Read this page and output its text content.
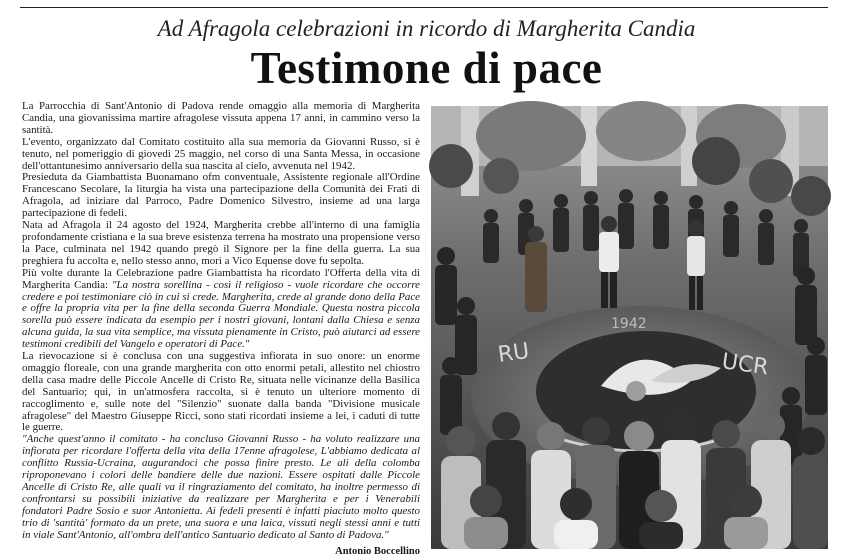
Ad Afragola celebrazioni in ricordo di Margherita Candia
Testimone di pace

La Parrocchia di Sant'Antonio di Padova rende omaggio alla memoria di Margherita Candia, una giovanissima martire afragolese vissuta appena 17 anni, in cammino verso la santità.

L'evento, organizzato dal Comitato costituito alla sua memoria da Giovanni Russo, si è tenuto, nel pomeriggio di giovedì 25 maggio, nel corso di una Santa Messa, in occasione dell'ottantunesimo anniversario della sua nascita al cielo, avvenuta nel 1942.

Presieduta da Giambattista Buonamano ofm conventuale, Assistente regionale all'Ordine Francescano Secolare, la liturgia ha vista una partecipazione della Comunità dei Frati di Afragola, ad iniziare dal Parroco, Padre Domenico Silvestro, insieme ad una larga partecipazione di fedeli.

Nata ad Afragola il 24 agosto del 1924, Margherita crebbe all'interno di una famiglia profondamente cristiana e la sua breve esistenza terrena ha mostrato una propensione verso la Pace, culminata nel 1942 quando pregò il Signore per la fine della guerra. La sua preghiera fu accolta e, nello stesso anno, morì a Vico Equense dove fu sepolta.

Più volte durante la Celebrazione padre Giambattista ha ricordato l'Offerta della vita di Margherita Candia: "La nostra sorellina - così il religioso - vuole ricordare che occorre credere e poi testimoniare ciò in cui si crede. Margherita, crede al grande dono della Pace e offre la propria vita per la fine della seconda Guerra Mondiale. Questa nostra piccola sorella può essere indicata da esempio per i nostri giovani, lontani dalla Chiesa e senza alcuna guida, la sua vita semplice, ma vissuta pienamente in Cristo, può aiutarci ad essere testimoni credibili del Vangelo e operatori di Pace."

La rievocazione si è conclusa con una suggestiva infiorata in suo onore: un enorme omaggio floreale, con una grande margherita con otto enormi petali, allestito nel chiostro della casa madre delle Piccole Ancelle di Cristo Re, situata nelle vicinanze della Basilica del Santuario; qui, in un'atmosfera raccolta, si è tenuto un ulteriore momento di raccoglimento e, sulle note del "Silenzio" suonate dalla banda "Divisione musicale afragolese" del Maestro Giuseppe Ricci, sono stati ricordati insieme a lei, i caduti di tutte le guerre.

"Anche quest'anno il comitato - ha concluso Giovanni Russo - ha voluto realizzare una infiorata per ricordare l'offerta della vita della 17enne afragolese, L'abbiamo dedicata al conflitto Russia-Ucraina, augurandoci che possa finire presto. Le ali della colomba riproponevano i colori delle bandiere delle due nazioni. Essere ospitati dalle Piccole Ancelle di Cristo Re, alle quali va il ringraziamento del comitato, ha inoltre permesso di confrontarsi su possibili iniziative da realizzare per Margherita e per i Venerabili fondatori Padre Sosio e suor Antonietta. Ai fedeli presenti è infatti piaciuto molto questo trio di 'santità' formato da un prete, una suora e una laica, vissuti negli stessi anni e tutti in viale Sant'Antonio, all'ombra dell'antico Santuario dedicato al Santo di Padova."

Antonio Boccellino

RU	UCR
1942
